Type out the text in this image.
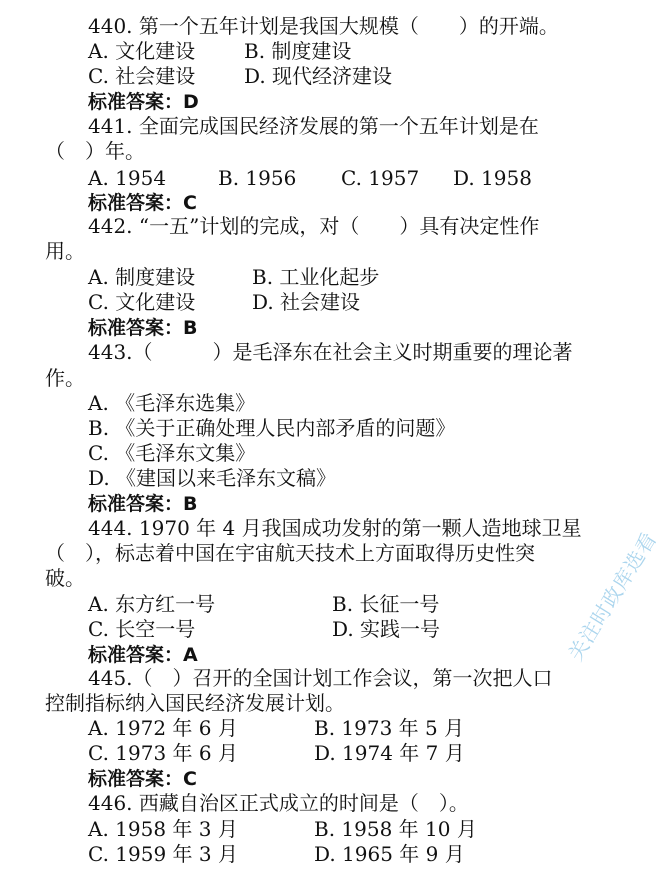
440. 第一个五年计划是我国大规模（　　）的开端。
A. 文化建设 B. 制度建设
C. 社会建设 D. 现代经济建设
标准答案：D
441. 全面完成国民经济发展的第一个五年计划是在
（　）年。
A. 1954	B. 1956 C. 1957 D. 1958
标准答案：C
442. “一五”计划的完成，对（　　）具有决定性作
用。
A. 制度建设	B. 工业化起步
C. 文化建设	D. 社会建设
标准答案：B
443.（　　　）是毛泽东在社会主义时期重要的理论著
作。
A. 《毛泽东选集》
B. 《关于正确处理人民内部矛盾的问题》
C. 《毛泽东文集》
D. 《建国以来毛泽东文稿》
标准答案：B
444. 1970 年 4 月我国成功发射的第一颗人造地球卫星
（　），标志着中国在宇宙航天技术上方面取得历史性突
破。
A. 东方红一号	B. 长征一号
C. 长空一号	D. 实践一号
标准答案：A
445.（　）召开的全国计划工作会议，第一次把人口
控制指标纳入国民经济发展计划。
A. 1972 年 6 月	B. 1973 年 5 月
C. 1973 年 6 月	D. 1974 年 7 月
标准答案：C
446. 西藏自治区正式成立的时间是（　）。
A. 1958 年 3 月	B. 1958 年 10 月
C. 1959 年 3 月	D. 1965 年 9 月
关注时政库选看
